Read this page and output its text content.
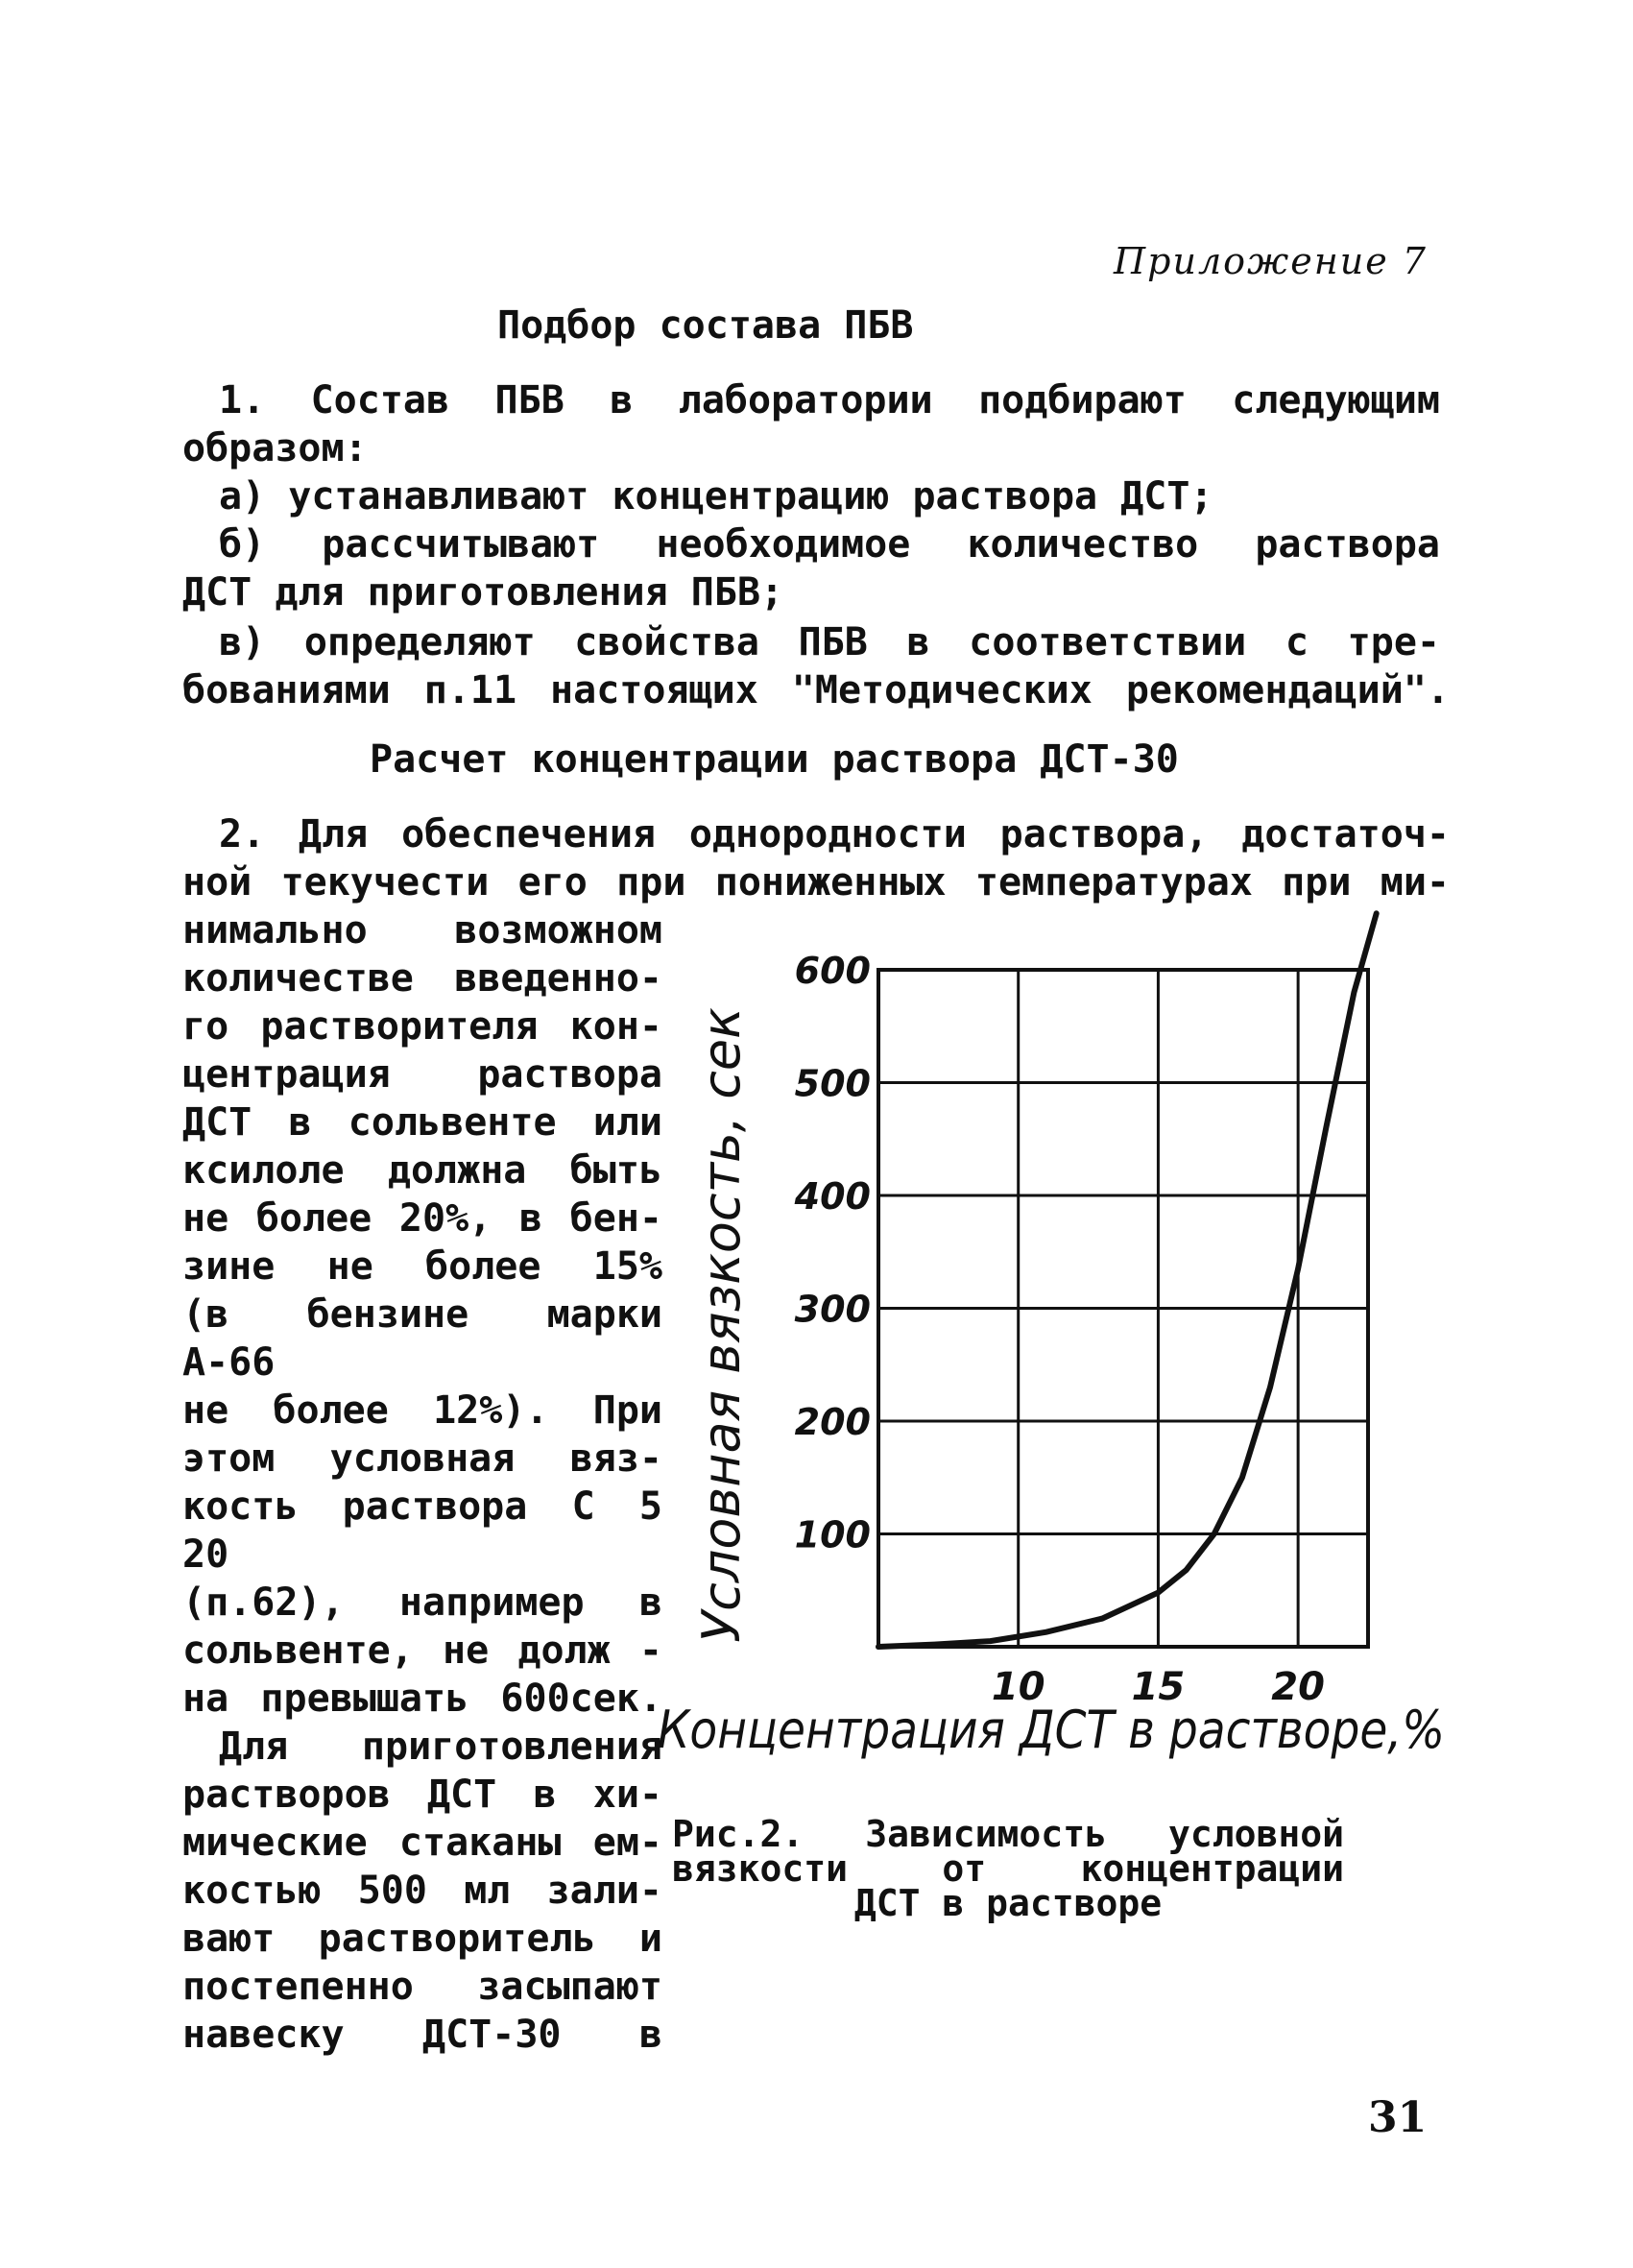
Приложение 7
Подбор состава ПБВ
1. Состав ПБВ в лаборатории подбирают следующим
образом:
а) устанавливают концентрацию раствора ДСТ;
б) рассчитывают необходимое количество раствора
ДСТ для приготовления ПБВ;
в) определяют свойства ПБВ в соответствии с тре-
бованиями п.11 настоящих "Методических рекомендаций".
Расчет концентрации раствора ДСТ-30
2. Для обеспечения однородности раствора, достаточ-
ной текучести его при пониженных температурах при ми-
нимально возможном
количестве введенно-
го растворителя кон-
центрация раствора
ДСТ в сольвенте или
ксилоле должна быть
не более 20%, в бен-
зине не более 15%
(в бензине марки А-66
не более 12%). При
этом условная вяз-
кость раствора С 5 20
(п.62), например в
сольвенте, не долж -
на превышать 600сек.
Для приготовления
растворов ДСТ в хи-
мические стаканы ем-
костью 500 мл зали-
вают растворитель и
постепенно засыпают
навеску ДСТ-30 в
10 15 20
100
200
300
400
500
600
Условная вязкость, сек
Концентрация ДСТ в растворе,%
Рис.2. Зависимость условной
вязкости от концентрации
ДСТ в растворе
31
